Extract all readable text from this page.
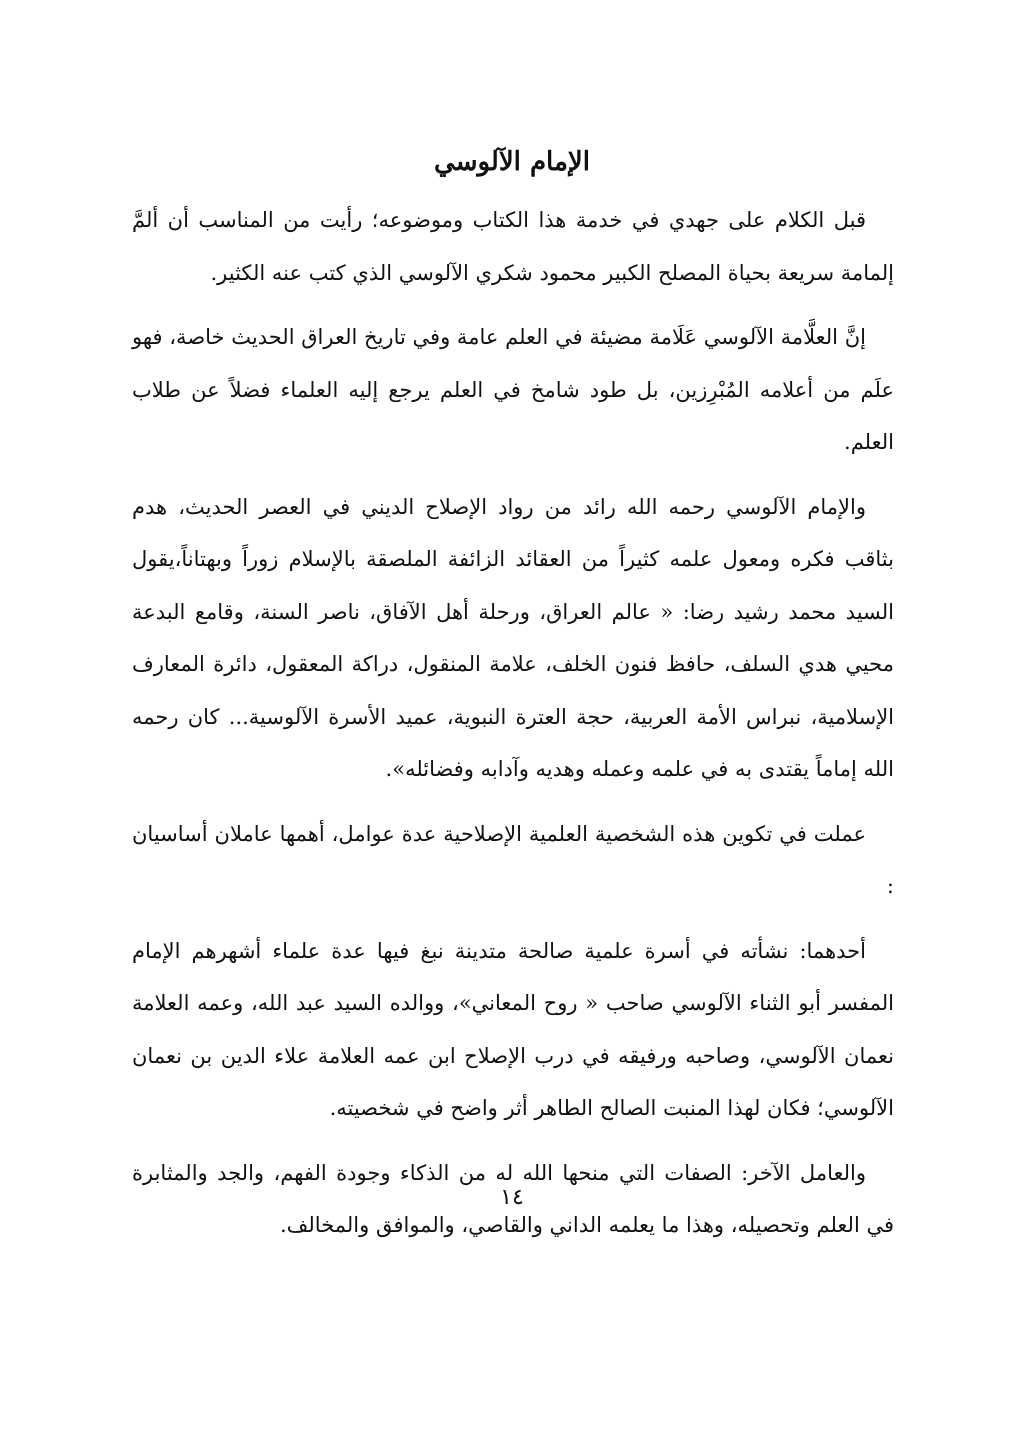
الإمام الآلوسي

قبل الكلام على جهدي في خدمة هذا الكتاب وموضوعه؛ رأيت من المناسب أن ألمَّ إلمامة سريعة بحياة المصلح الكبير محمود شكري الآلوسي الذي كتب عنه الكثير.

إنَّ العلَّامة الآلوسي عَلَامة مضيئة في العلم عامة وفي تاريخ العراق الحديث خاصة، فهو علَم من أعلامه المُبْرِزين، بل طود شامخ في العلم يرجع إليه العلماء فضلاً عن طلاب العلم.

والإمام الآلوسي رحمه الله رائد من رواد الإصلاح الديني في العصر الحديث، هدم بثاقب فكره ومعول علمه كثيراً من العقائد الزائفة الملصقة بالإسلام زوراً وبهتاناً،يقول السيد محمد رشيد رضا: « عالم العراق، ورحلة أهل الآفاق، ناصر السنة، وقامع البدعة محيي هدي السلف، حافظ فنون الخلف، علامة المنقول، دراكة المعقول، دائرة المعارف الإسلامية، نبراس الأمة العربية، حجة العترة النبوية، عميد الأسرة الآلوسية... كان رحمه الله إماماً يقتدى به في علمه وعمله وهديه وآدابه وفضائله».

عملت في تكوين هذه الشخصية العلمية الإصلاحية عدة عوامل، أهمها عاملان أساسيان :

أحدهما: نشأته في أسرة علمية صالحة متدينة نبغ فيها عدة علماء أشهرهم الإمام المفسر أبو الثناء الآلوسي صاحب « روح المعاني»، ووالده السيد عبد الله، وعمه العلامة نعمان الآلوسي، وصاحبه ورفيقه في درب الإصلاح ابن عمه العلامة علاء الدين بن نعمان الآلوسي؛ فكان لهذا المنبت الصالح الطاهر أثر واضح في شخصيته.

والعامل الآخر: الصفات التي منحها الله له من الذكاء وجودة الفهم، والجد والمثابرة في العلم وتحصيله، وهذا ما يعلمه الداني والقاصي، والموافق والمخالف.

١٤
